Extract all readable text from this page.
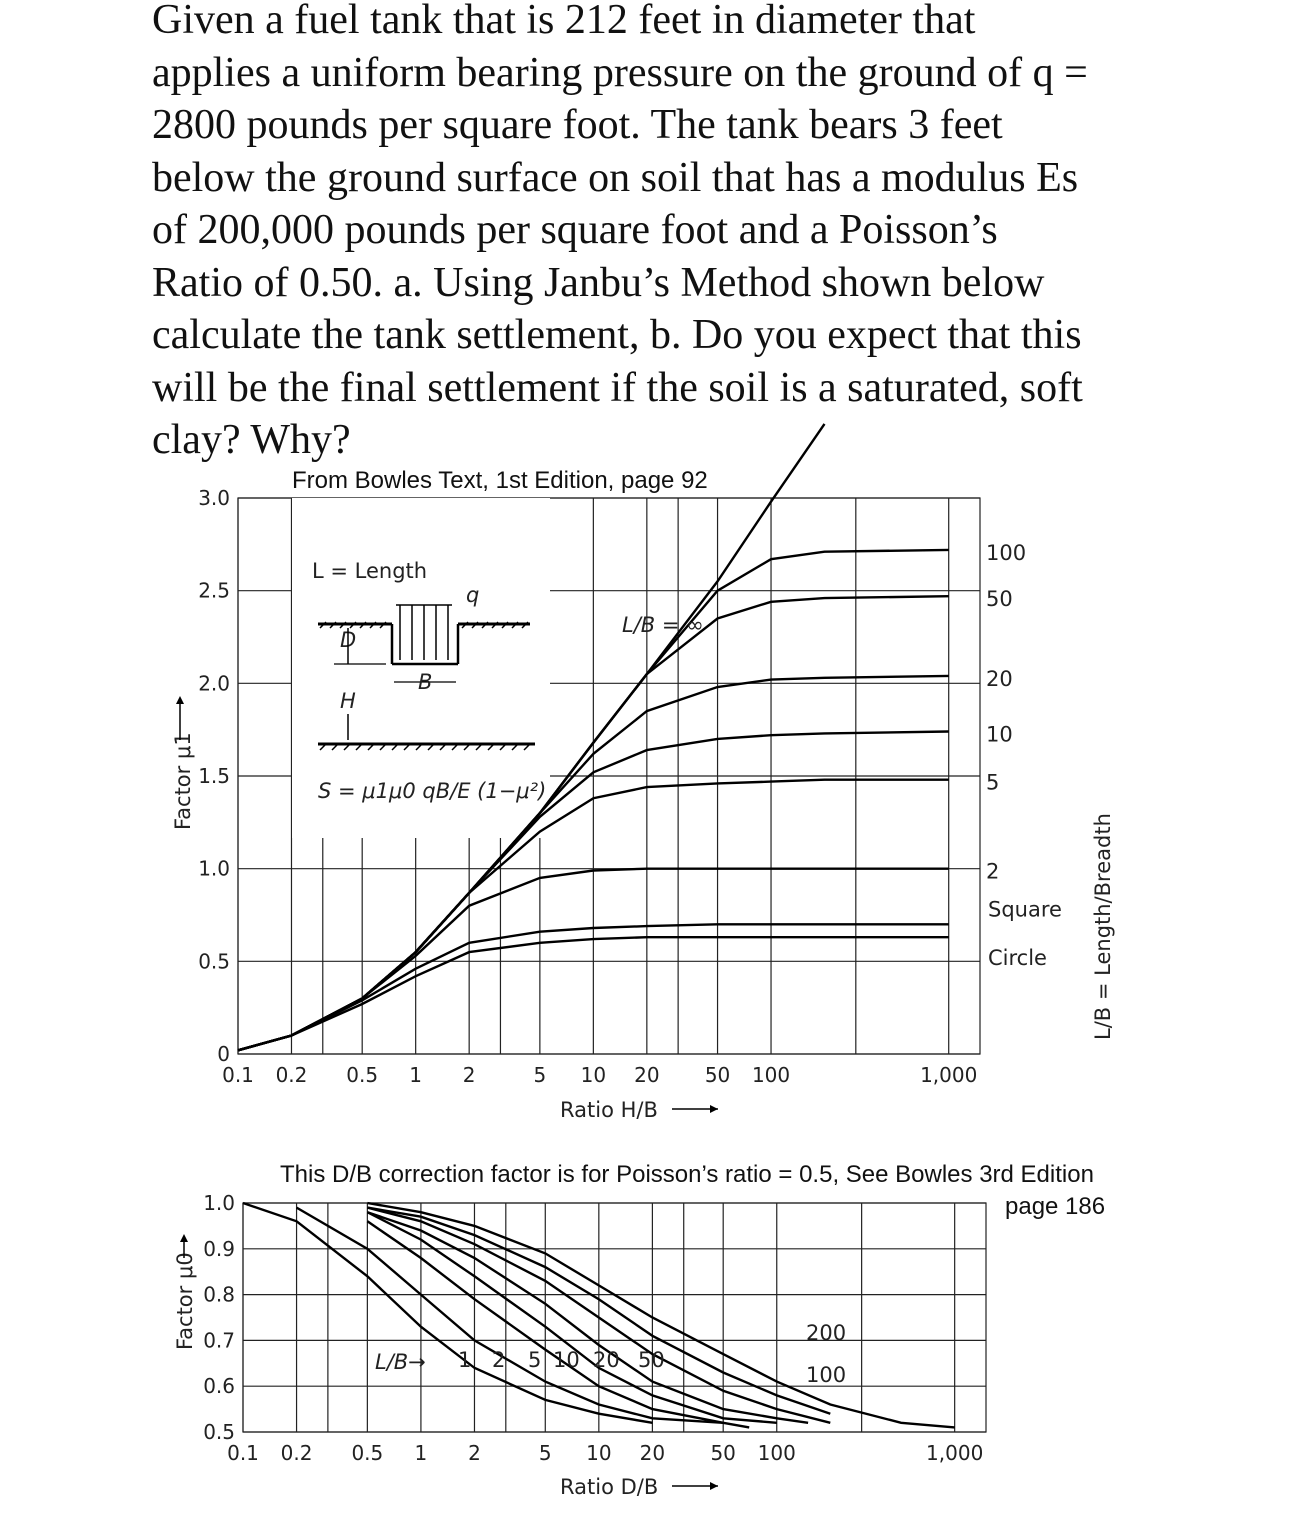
Given a fuel tank that is 212 feet in diameter that
applies a uniform bearing pressure on the ground of q =
2800 pounds per square foot. The tank bears 3 feet
below the ground surface on soil that has a modulus Es
of 200,000 pounds per square foot and a Poisson’s
Ratio of 0.50. a. Using Janbu’s Method shown below
calculate the tank settlement, b. Do you expect that this
will be the final settlement if the soil is a saturated, soft
clay? Why?
From Bowles Text, 1st Edition, page 92
L = Length
q
D
B
H
S = μ1μ0 qB/E (1−μ²)
L/B = ∞
100
50
20
10
5
2
Square
Circle
0.1 0.2 0.5 1 2	5 10 20 50 100	1,000
0
0.5
1.0
1.5
2.0
2.5
3.0
Ratio H/B
Factor μ1
L/B = Length/Breadth
This D/B correction factor is for Poisson’s ratio = 0.5, See Bowles 3rd Edition
page 186
1 2 5 10 20 50
100
200
0.1 0.2 0.5 1 2	5 10 20 50 100	1,000
0.5
0.6
0.7
0.8
0.9
1.0
L/B→
Ratio D/B
Factor μ0
